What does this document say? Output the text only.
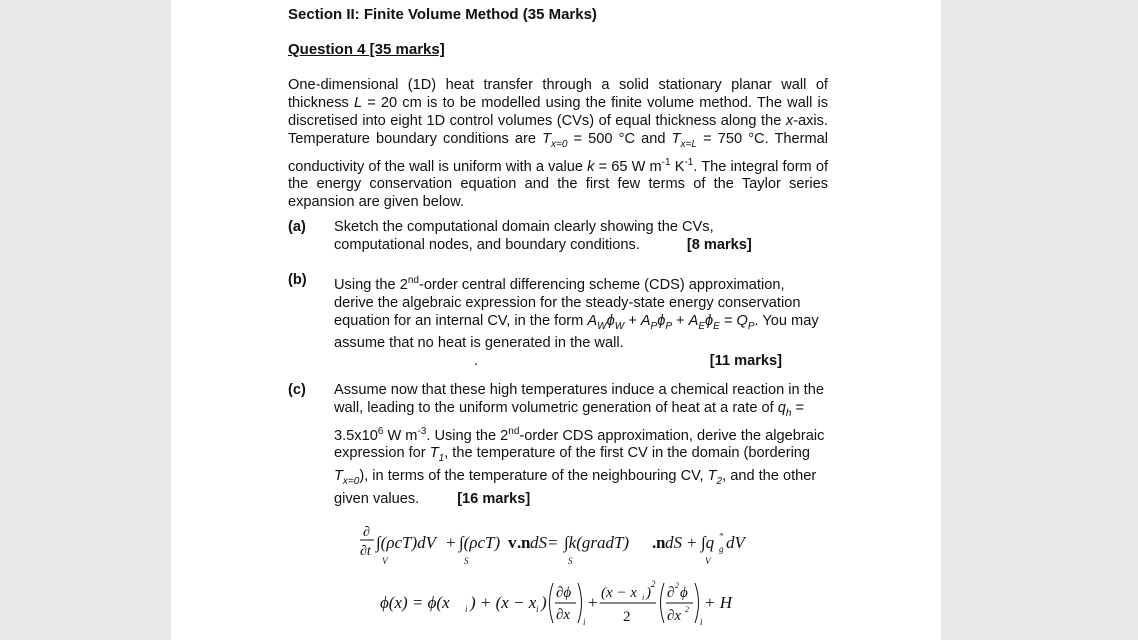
Section II: Finite Volume Method (35 Marks)
Question 4 [35 marks]
One-dimensional (1D) heat transfer through a solid stationary planar wall of thickness L = 20 cm is to be modelled using the finite volume method. The wall is discretised into eight 1D control volumes (CVs) of equal thickness along the x-axis. Temperature boundary conditions are $T_{x=0} = 500$ °C and $T_{x=L} = 750$ °C. Thermal conductivity of the wall is uniform with a value k = 65 W $m^{-1}$ $K^{-1}$. The integral form of the energy conservation equation and the first few terms of the Taylor series expansion are given below.
(a) Sketch the computational domain clearly showing the CVs,
computational nodes, and boundary conditions.	[8 marks]
(b) Using the 2nd-order central differencing scheme (CDS) approximation, derive the algebraic expression for the steady-state energy conservation equation for an internal CV, in the form $A_W\phi_W + A_P\phi_P + A_E\phi_E = Q_P$. You may assume that no heat is generated in the wall.
.	[11 marks]
(c) Assume now that these high temperatures induce a chemical reaction in the wall, leading to the uniform volumetric generation of heat at a rate of $q_h = 3.5x10^6$ W $m^{-3}$. Using the 2nd-order CDS approximation, derive the algebraic expression for $T_1$, the temperature of the first CV in the domain (bordering $T_{x=0}$), in terms of the temperature of the neighbouring CV, $T_2$, and the other given values.	[16 marks]
∂
∂t ∫(ρcT)dV
V
+ ∫(ρcT) v . n dS
S
= ∫k(gradT) . n dS
S
+ ∫q g
‴ dV
V
ϕ(x) = ϕ(x i ) + (x − x i ) ∂ϕ
∂x i
+ (x − x i )
2
2
∂ 2 ϕ
∂x 2
i
+ H
